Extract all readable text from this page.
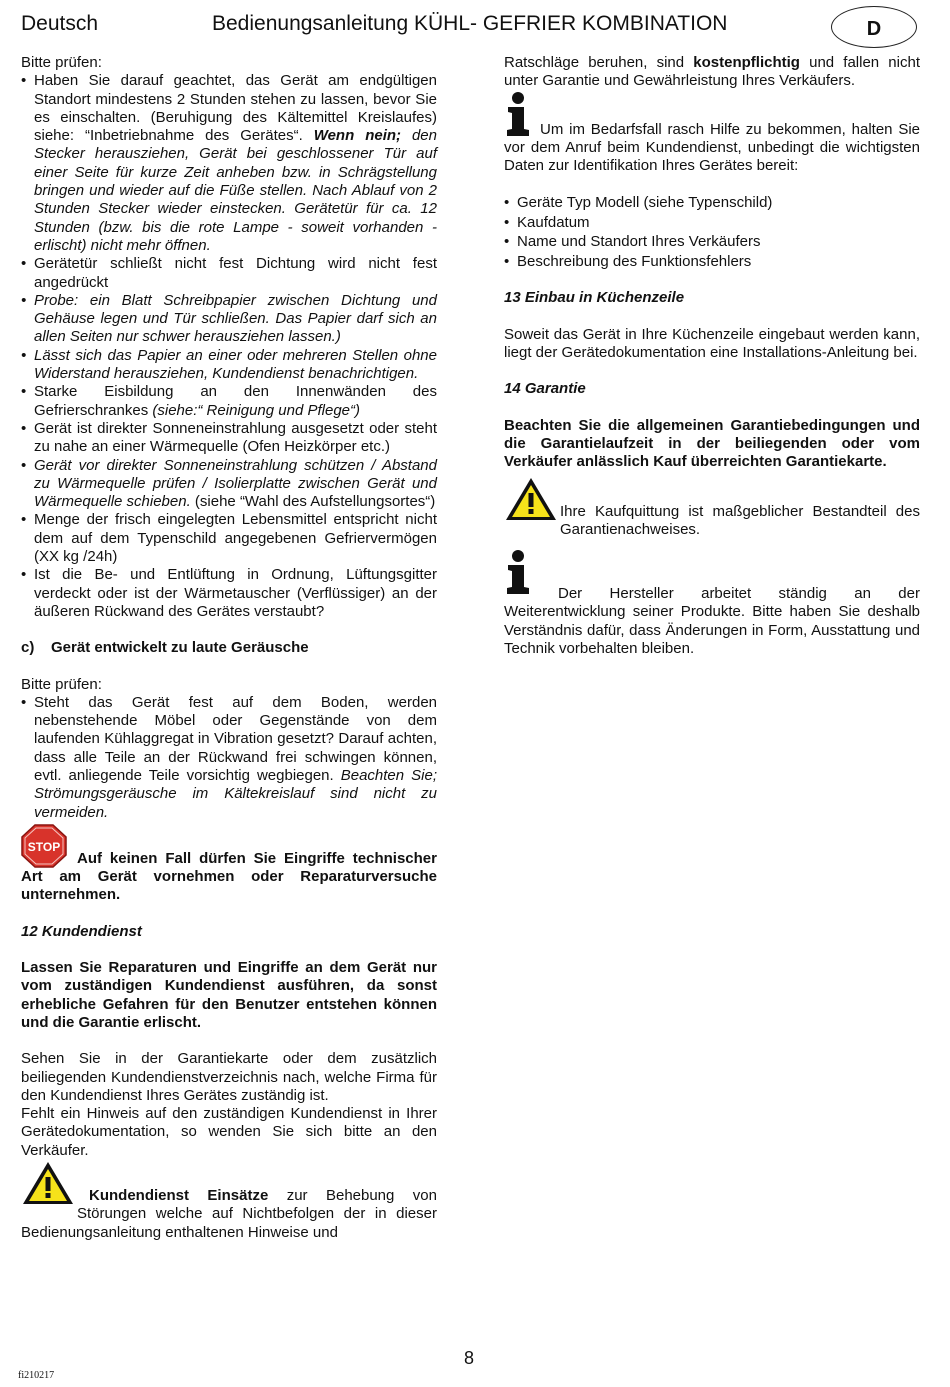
Deutsch	Bedienungsanleitung KÜHL- GEFRIER KOMBINATION	D

Bitte prüfen:

• Haben Sie darauf geachtet, das Gerät am endgültigen Standort mindestens 2 Stunden stehen zu lassen, bevor Sie es einschalten. (Beruhigung des Kältemittel Kreislaufes) siehe: “Inbetriebnahme des Gerätes“. Wenn nein; den Stecker herausziehen, Gerät bei geschlossener Tür auf einer Seite für kurze Zeit anheben bzw. in Schrägstellung bringen und wieder auf die Füße stellen. Nach Ablauf von 2 Stunden Stecker wieder einstecken. Gerätetür für ca. 12 Stunden (bzw. bis die rote Lampe - soweit vorhanden - erlischt) nicht mehr öffnen.
• Gerätetür schließt nicht fest Dichtung wird nicht fest angedrückt
• Probe: ein Blatt Schreibpapier zwischen Dichtung und Gehäuse legen und Tür schließen. Das Papier darf sich an allen Seiten nur schwer herausziehen lassen.)
• Lässt sich das Papier an einer oder mehreren Stellen ohne Widerstand herausziehen, Kundendienst benachrichtigen.
• Starke Eisbildung an den Innenwänden des Gefrierschrankes (siehe:“ Reinigung und Pflege“)
• Gerät ist direkter Sonneneinstrahlung ausgesetzt oder steht zu nahe an einer Wärmequelle (Ofen Heizkörper etc.)
• Gerät vor direkter Sonneneinstrahlung schützen / Abstand zu Wärmequelle prüfen / Isolierplatte zwischen Gerät und Wärmequelle schieben. (siehe “Wahl des Aufstellungsortes“)
• Menge der frisch eingelegten Lebensmittel entspricht nicht dem auf dem Typenschild angegebenen Gefriervermögen (XX kg /24h)
• Ist die Be- und Entlüftung in Ordnung, Lüftungsgitter verdeckt oder ist der Wärmetauscher (Verflüssiger) an der äußeren Rückwand des Gerätes verstaubt?

c)    Gerät entwickelt zu laute Geräusche

Bitte prüfen:

• Steht das Gerät fest auf dem Boden, werden nebenstehende Möbel oder Gegenstände von dem laufenden Kühlaggregat in Vibration gesetzt? Darauf achten, dass alle Teile an der Rückwand frei schwingen können, evtl. anliegende Teile vorsichtig wegbiegen. Beachten Sie; Strömungsgeräusche im Kältekreislauf sind nicht zu vermeiden.
STOP

Auf keinen Fall dürfen Sie Eingriffe technischer Art am Gerät vornehmen oder Reparaturversuche unternehmen.

12 Kundendienst

Lassen Sie Reparaturen und Eingriffe an dem Gerät nur vom zuständigen Kundendienst ausführen, da sonst erhebliche Gefahren für den Benutzer entstehen können und die Garantie erlischt.

Sehen Sie in der Garantiekarte oder dem zusätzlich beiliegenden Kundendienstverzeichnis nach, welche Firma für den Kundendienst Ihres Gerätes zuständig ist.

Fehlt ein Hinweis auf den zuständigen Kundendienst in Ihrer Gerätedokumentation, so wenden Sie sich bitte an den Verkäufer.

Kundendienst Einsätze zur Behebung von Störungen welche auf Nichtbefolgen der in dieser Bedienungsanleitung enthaltenen Hinweise und

Ratschläge beruhen, sind kostenpflichtig und fallen nicht unter Garantie und Gewährleistung Ihres Verkäufers.

Um im Bedarfsfall rasch Hilfe zu bekommen, halten Sie vor dem Anruf beim Kundendienst, unbedingt die wichtigsten Daten zur Identifikation Ihres Gerätes bereit:

• Geräte Typ Modell (siehe Typenschild)
• Kaufdatum
• Name und Standort Ihres Verkäufers
• Beschreibung des Funktionsfehlers

13 Einbau in Küchenzeile

Soweit das Gerät in Ihre Küchenzeile eingebaut werden kann, liegt der Gerätedokumentation eine Installations-Anleitung bei.

14 Garantie

Beachten Sie die allgemeinen Garantiebedingungen und die Garantielaufzeit in der beiliegenden oder vom Verkäufer anlässlich Kauf überreichten Garantiekarte.

Ihre Kaufquittung ist maßgeblicher Bestandteil des Garantienachweises.

Der Hersteller arbeitet ständig an der Weiterentwicklung seiner Produkte. Bitte haben Sie deshalb Verständnis dafür, dass Änderungen in Form, Ausstattung und Technik vorbehalten bleiben.

8
fi210217
